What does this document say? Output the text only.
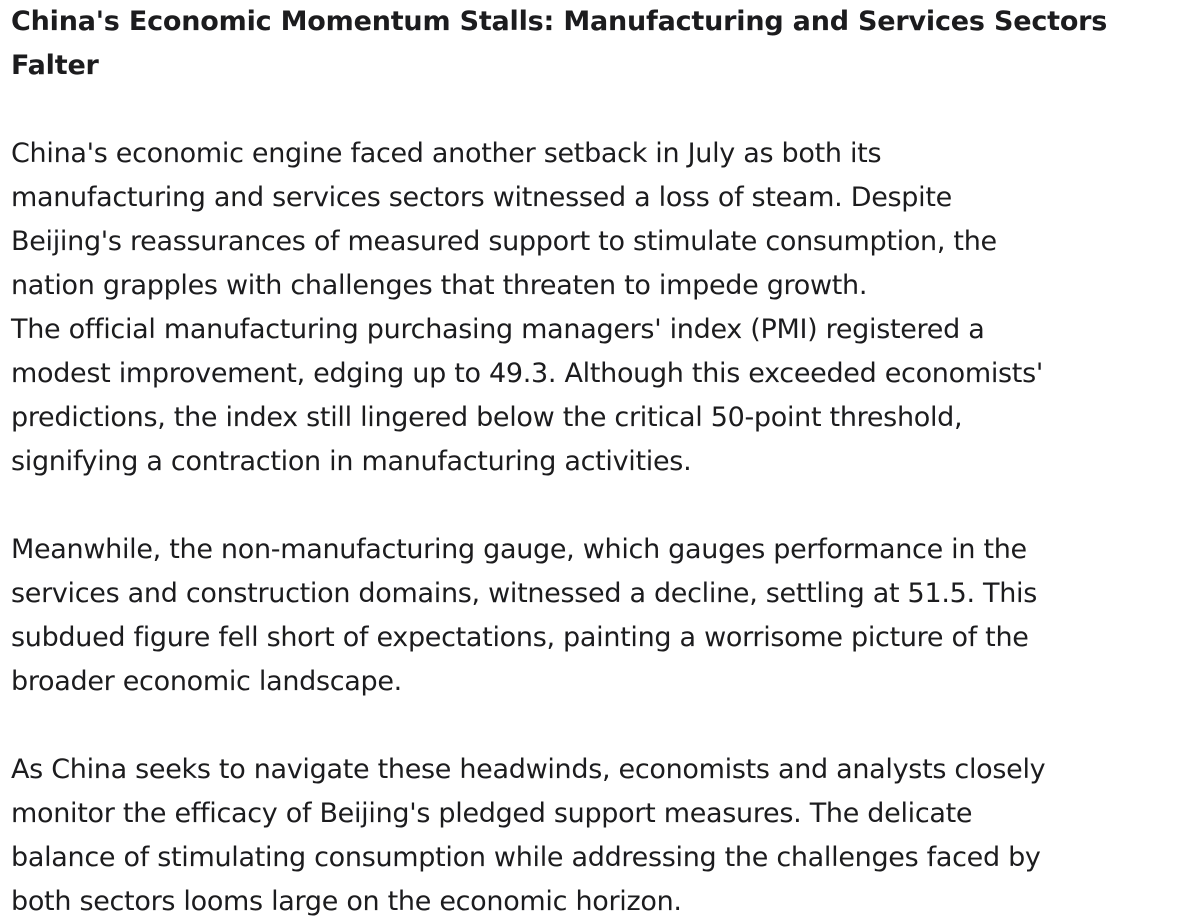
China's Economic Momentum Stalls: Manufacturing and Services Sectors
Falter
China's economic engine faced another setback in July as both its
manufacturing and services sectors witnessed a loss of steam. Despite
Beijing's reassurances of measured support to stimulate consumption, the
nation grapples with challenges that threaten to impede growth.
The official manufacturing purchasing managers' index (PMI) registered a
modest improvement, edging up to 49.3. Although this exceeded economists'
predictions, the index still lingered below the critical 50-point threshold,
signifying a contraction in manufacturing activities.
Meanwhile, the non-manufacturing gauge, which gauges performance in the
services and construction domains, witnessed a decline, settling at 51.5. This
subdued figure fell short of expectations, painting a worrisome picture of the
broader economic landscape.
As China seeks to navigate these headwinds, economists and analysts closely
monitor the efficacy of Beijing's pledged support measures. The delicate
balance of stimulating consumption while addressing the challenges faced by
both sectors looms large on the economic horizon.
